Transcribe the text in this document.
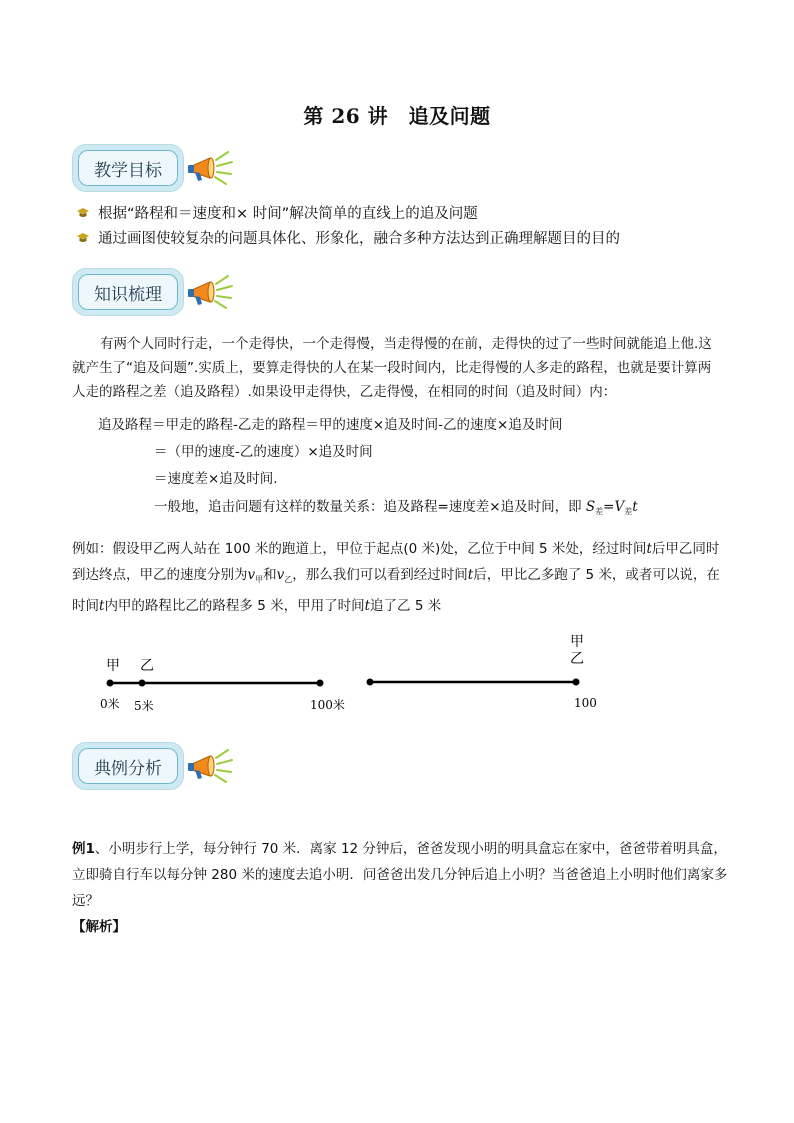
第 26 讲　追及问题
教学目标
根据“路程和＝速度和× 时间”解决简单的直线上的追及问题
通过画图使较复杂的问题具体化、形象化，融合多种方法达到正确理解题目的目的
知识梳理
有两个人同时行走，一个走得快，一个走得慢，当走得慢的在前，走得快的过了一些时间就能追上他.这就产生了“追及问题”.实质上，要算走得快的人在某一段时间内，比走得慢的人多走的路程，也就是要计算两人走的路程之差（追及路程）.如果设甲走得快，乙走得慢，在相同的时间（追及时间）内：
追及路程＝甲走的路程-乙走的路程＝甲的速度×追及时间-乙的速度×追及时间
＝（甲的速度-乙的速度）×追及时间
＝速度差×追及时间.
一般地，追击问题有这样的数量关系：追及路程=速度差×追及时间，即 $S_差=V_差t$
例如：假设甲乙两人站在 100 米的跑道上，甲位于起点(0 米)处，乙位于中间 5 米处，经过时间t后甲乙同时到达终点，甲乙的速度分别为$v_甲$和$v_乙$，那么我们可以看到经过时间t后，甲比乙多跑了 5 米，或者可以说，在时间t内甲的路程比乙的路程多 5 米，甲用了时间t追了乙 5 米
甲 乙
0米 5米	100米
甲
乙
100
典例分析
例1、小明步行上学，每分钟行 70 米．离家 12 分钟后，爸爸发现小明的明具盒忘在家中，爸爸带着明具盒，立即骑自行车以每分钟 280 米的速度去追小明．问爸爸出发几分钟后追上小明？当爸爸追上小明时他们离家多远？
【解析】
